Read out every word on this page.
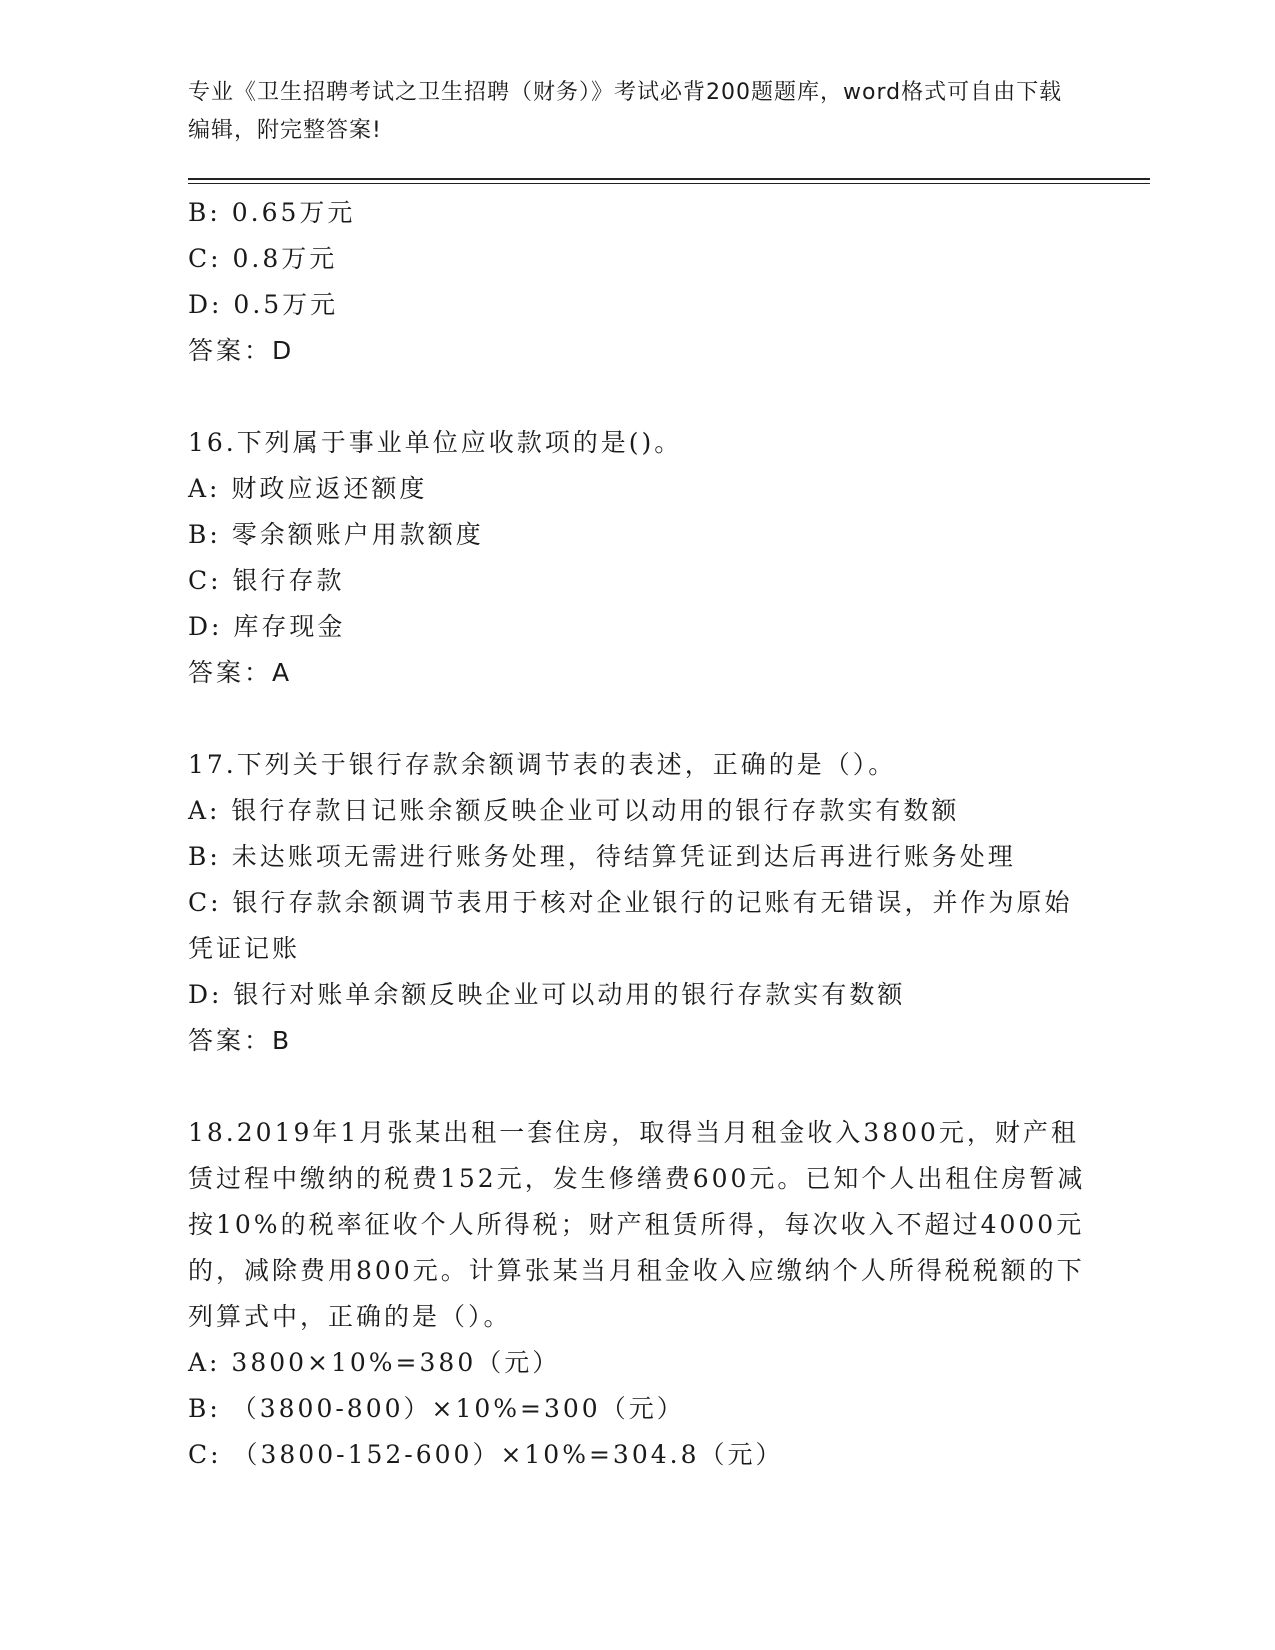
专业《卫生招聘考试之卫生招聘（财务）》考试必背200题题库，word格式可自由下载编辑，附完整答案!
B: 0.65万元
C: 0.8万元
D: 0.5万元
答案：D
16.下列属于事业单位应收款项的是()。
A: 财政应返还额度
B: 零余额账户用款额度
C: 银行存款
D: 库存现金
答案：A
17.下列关于银行存款余额调节表的表述，正确的是（）。
A: 银行存款日记账余额反映企业可以动用的银行存款实有数额
B: 未达账项无需进行账务处理，待结算凭证到达后再进行账务处理
C: 银行存款余额调节表用于核对企业银行的记账有无错误，并作为原始凭证记账
D: 银行对账单余额反映企业可以动用的银行存款实有数额
答案：B
18.2019年1月张某出租一套住房，取得当月租金收入3800元，财产租赁过程中缴纳的税费152元，发生修缮费600元。已知个人出租住房暂减按10%的税率征收个人所得税；财产租赁所得，每次收入不超过4000元的，减除费用800元。计算张某当月租金收入应缴纳个人所得税税额的下列算式中，正确的是（）。
A: 3800×10%=380（元）
B: （3800-800）×10%=300（元）
C: （3800-152-600）×10%=304.8（元）
